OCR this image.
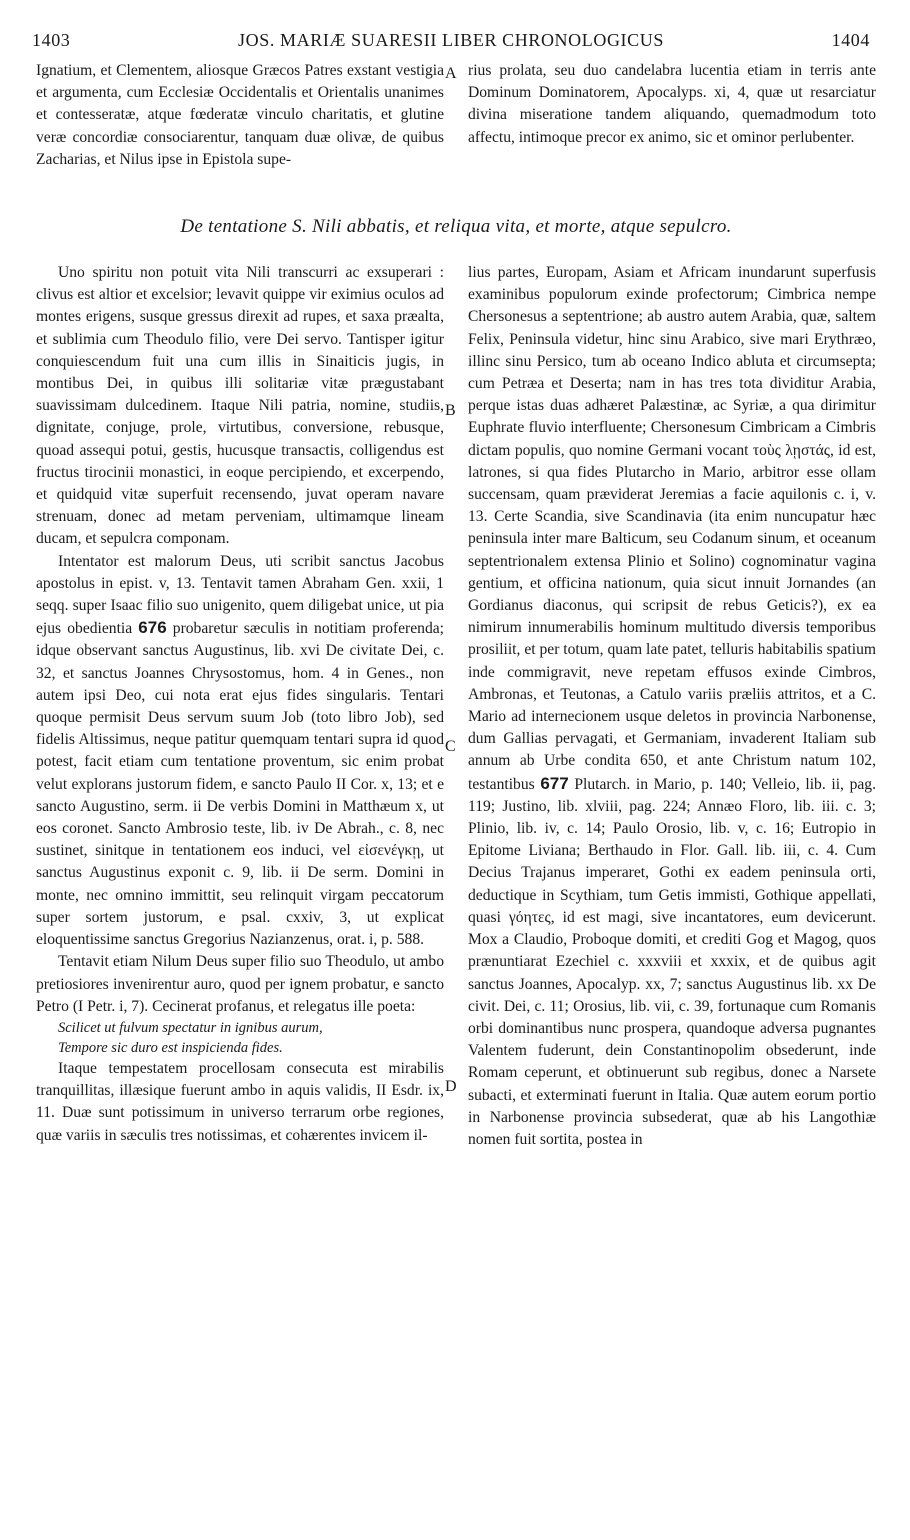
1403	JOS. MARIÆ SUARESII LIBER CHRONOLOGICUS	1404

Ignatium, et Clementem, aliosque Græcos Patres exstant vestigia et argumenta, cum Ecclesiæ Occidentalis et Orientalis unanimes et contesseratæ, atque fœderatæ vinculo charitatis, et glutine veræ concordiæ consociarentur, tanquam duæ olivæ, de quibus Zacharias, et Nilus ipse in Epistola supe-

rius prolata, seu duo candelabra lucentia etiam in terris ante Dominum Dominatorem, Apocalyps. xi, 4, quæ ut resarciatur divina miseratione tandem aliquando, quemadmodum toto affectu, intimoque precor ex animo, sic et ominor perlubenter.

A
De tentatione S. Nili abbatis, et reliqua vita, et morte, atque sepulcro.

Uno spiritu non potuit vita Nili transcurri ac exsuperari : clivus est altior et excelsior; levavit quippe vir eximius oculos ad montes erigens, susque gressus direxit ad rupes, et saxa præalta, et sublimia cum Theodulo filio, vere Dei servo. Tantisper igitur conquiescendum fuit una cum illis in Sinaiticis jugis, in montibus Dei, in quibus illi solitariæ vitæ prægustabant suavissimam dulcedinem. Itaque Nili patria, nomine, studiis, dignitate, conjuge, prole, virtutibus, conversione, rebusque, quoad assequi potui, gestis, hucusque transactis, colligendus est fructus tirocinii monastici, in eoque percipiendo, et excerpendo, et quidquid vitæ superfuit recensendo, juvat operam navare strenuam, donec ad metam perveniam, ultimamque lineam ducam, et sepulcra componam.

Intentator est malorum Deus, uti scribit sanctus Jacobus apostolus in epist. v, 13. Tentavit tamen Abraham Gen. xxii, 1 seqq. super Isaac filio suo unigenito, quem diligebat unice, ut pia ejus obedientia 676 probaretur sæculis in notitiam proferenda; idque observant sanctus Augustinus, lib. xvi De civitate Dei, c. 32, et sanctus Joannes Chrysostomus, hom. 4 in Genes., non autem ipsi Deo, cui nota erat ejus fides singularis. Tentari quoque permisit Deus servum suum Job (toto libro Job), sed fidelis Altissimus, neque patitur quemquam tentari supra id quod potest, facit etiam cum tentatione proventum, sic enim probat velut explorans justorum fidem, e sancto Paulo II Cor. x, 13; et e sancto Augustino, serm. ii De verbis Domini in Matthæum x, ut eos coronet. Sancto Ambrosio teste, lib. iv De Abrah., c. 8, nec sustinet, sinitque in tentationem eos induci, vel εἰσενέγκῃ, ut sanctus Augustinus exponit c. 9, lib. ii De serm. Domini in monte, nec omnino immittit, seu relinquit virgam peccatorum super sortem justorum, e psal. cxxiv, 3, ut explicat eloquentissime sanctus Gregorius Nazianzenus, orat. i, p. 588.

Tentavit etiam Nilum Deus super filio suo Theodulo, ut ambo pretiosiores invenirentur auro, quod per ignem probatur, e sancto Petro (I Petr. i, 7). Cecinerat profanus, et relegatus ille poeta:

Scilicet ut fulvum spectatur in ignibus aurum,
Tempore sic duro est inspicienda fides.

Itaque tempestatem procellosam consecuta est mirabilis tranquillitas, illæsique fuerunt ambo in aquis validis, II Esdr. ix, 11. Duæ sunt potissimum in universo terrarum orbe regiones, quæ variis in sæculis tres notissimas, et cohærentes invicem il-

lius partes, Europam, Asiam et Africam inundarunt superfusis examinibus populorum exinde profectorum; Cimbrica nempe Chersonesus a septentrione; ab austro autem Arabia, quæ, saltem Felix, Peninsula videtur, hinc sinu Arabico, sive mari Erythræo, illinc sinu Persico, tum ab oceano Indico abluta et circumsepta; cum Petræa et Deserta; nam in has tres tota dividitur Arabia, perque istas duas adhæret Palæstinæ, ac Syriæ, a qua dirimitur Euphrate fluvio interfluente; Chersonesum Cimbricam a Cimbris dictam populis, quo nomine Germani vocant τοὺς λῃστάς, id est, latrones, si qua fides Plutarcho in Mario, arbitror esse ollam succensam, quam præviderat Jeremias a facie aquilonis c. i, v. 13. Certe Scandia, sive Scandinavia (ita enim nuncupatur hæc peninsula inter mare Balticum, seu Codanum sinum, et oceanum septentrionalem extensa Plinio et Solino) cognominatur vagina gentium, et officina nationum, quia sicut innuit Jornandes (an Gordianus diaconus, qui scripsit de rebus Geticis?), ex ea nimirum innumerabilis hominum multitudo diversis temporibus prosiliit, et per totum, quam late patet, telluris habitabilis spatium inde commigravit, neve repetam effusos exinde Cimbros, Ambronas, et Teutonas, a Catulo variis præliis attritos, et a C. Mario ad internecionem usque deletos in provincia Narbonense, dum Gallias pervagati, et Germaniam, invaderent Italiam sub annum ab Urbe condita 650, et ante Christum natum 102, testantibus 677 Plutarch. in Mario, p. 140; Velleio, lib. ii, pag. 119; Justino, lib. xlviii, pag. 224; Annæo Floro, lib. iii. c. 3; Plinio, lib. iv, c. 14; Paulo Orosio, lib. v, c. 16; Eutropio in Epitome Liviana; Berthaudo in Flor. Gall. lib. iii, c. 4. Cum Decius Trajanus imperaret, Gothi ex eadem peninsula orti, deductique in Scythiam, tum Getis immisti, Gothique appellati, quasi γόητες, id est magi, sive incantatores, eum devicerunt. Mox a Claudio, Proboque domiti, et crediti Gog et Magog, quos prænuntiarat Ezechiel c. xxxviii et xxxix, et de quibus agit sanctus Joannes, Apocalyp. xx, 7; sanctus Augustinus lib. xx De civit. Dei, c. 11; Orosius, lib. vii, c. 39, fortunaque cum Romanis orbi dominantibus nunc prospera, quandoque adversa pugnantes Valentem fuderunt, dein Constantinopolim obsederunt, inde Romam ceperunt, et obtinuerunt sub regibus, donec a Narsete subacti, et exterminati fuerunt in Italia. Quæ autem eorum portio in Narbonense provincia subsederat, quæ ab his Langothiæ nomen fuit sortita, postea in

B
C
D
